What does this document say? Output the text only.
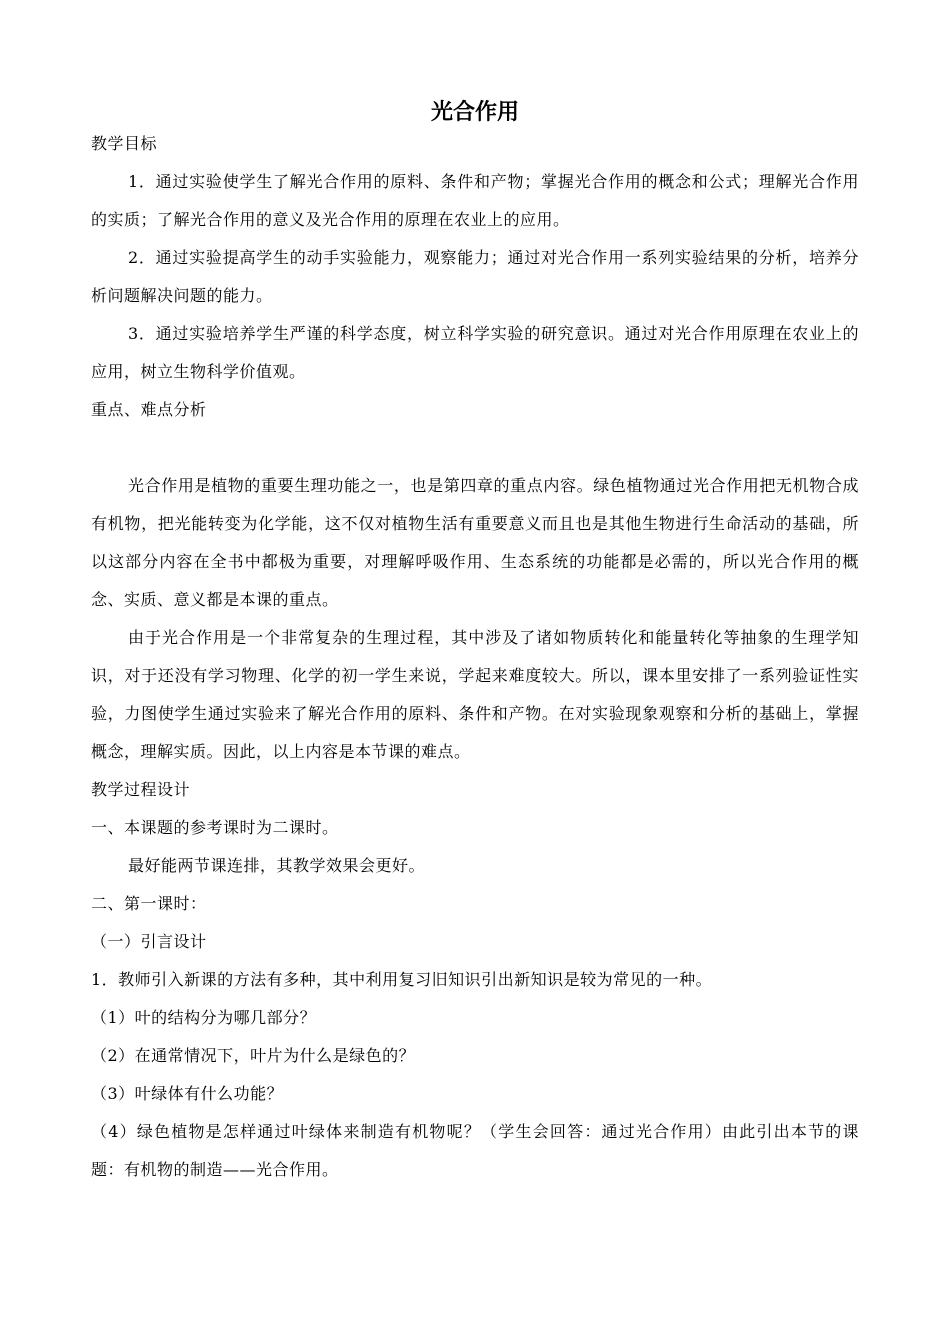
光合作用

教学目标

1．通过实验使学生了解光合作用的原料、条件和产物；掌握光合作用的概念和公式；理解光合作用的实质；了解光合作用的意义及光合作用的原理在农业上的应用。

2．通过实验提高学生的动手实验能力，观察能力；通过对光合作用一系列实验结果的分析，培养分析问题解决问题的能力。

3．通过实验培养学生严谨的科学态度，树立科学实验的研究意识。通过对光合作用原理在农业上的应用，树立生物科学价值观。

重点、难点分析

光合作用是植物的重要生理功能之一，也是第四章的重点内容。绿色植物通过光合作用把无机物合成有机物，把光能转变为化学能，这不仅对植物生活有重要意义而且也是其他生物进行生命活动的基础，所以这部分内容在全书中都极为重要，对理解呼吸作用、生态系统的功能都是必需的，所以光合作用的概念、实质、意义都是本课的重点。

由于光合作用是一个非常复杂的生理过程，其中涉及了诸如物质转化和能量转化等抽象的生理学知识，对于还没有学习物理、化学的初一学生来说，学起来难度较大。所以，课本里安排了一系列验证性实验，力图使学生通过实验来了解光合作用的原料、条件和产物。在对实验现象观察和分析的基础上，掌握概念，理解实质。因此，以上内容是本节课的难点。

教学过程设计

一、本课题的参考课时为二课时。

最好能两节课连排，其教学效果会更好。

二、第一课时：

（一）引言设计

1．教师引入新课的方法有多种，其中利用复习旧知识引出新知识是较为常见的一种。

（1）叶的结构分为哪几部分？

（2）在通常情况下，叶片为什么是绿色的？

（3）叶绿体有什么功能？

（4）绿色植物是怎样通过叶绿体来制造有机物呢？（学生会回答：通过光合作用）由此引出本节的课题：有机物的制造——光合作用。
